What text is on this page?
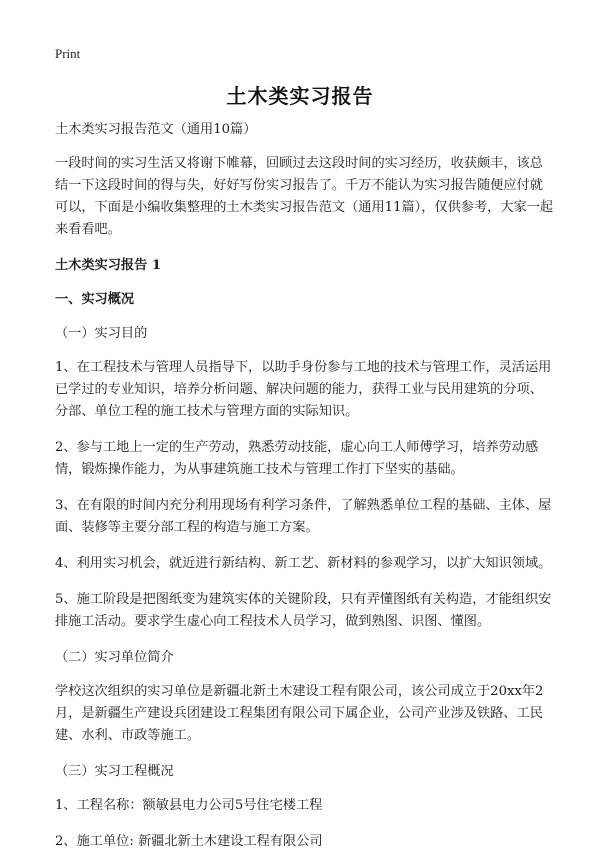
Print
土木类实习报告

土木类实习报告范文（通用10篇）

一段时间的实习生活又将谢下帷幕，回顾过去这段时间的实习经历，收获颇丰，该总结一下这段时间的得与失，好好写份实习报告了。千万不能认为实习报告随便应付就可以，下面是小编收集整理的土木类实习报告范文（通用11篇），仅供参考，大家一起来看看吧。

土木类实习报告 1

一、实习概况

（一）实习目的

1、在工程技术与管理人员指导下，以助手身份参与工地的技术与管理工作，灵活运用已学过的专业知识，培养分析问题、解决问题的能力，获得工业与民用建筑的分项、分部、单位工程的施工技术与管理方面的实际知识。

2、参与工地上一定的生产劳动，熟悉劳动技能，虚心向工人师傅学习，培养劳动感情，锻炼操作能力，为从事建筑施工技术与管理工作打下坚实的基础。

3、在有限的时间内充分利用现场有利学习条件，了解熟悉单位工程的基础、主体、屋面、装修等主要分部工程的构造与施工方案。

4、利用实习机会，就近进行新结构、新工艺、新材料的参观学习，以扩大知识领域。

5、施工阶段是把图纸变为建筑实体的关键阶段，只有弄懂图纸有关构造，才能组织安排施工活动。要求学生虚心向工程技术人员学习，做到熟图、识图、懂图。

（二）实习单位简介

学校这次组织的实习单位是新疆北新土木建设工程有限公司，该公司成立于20xx年2月，是新疆生产建设兵团建设工程集团有限公司下属企业，公司产业涉及铁路、工民建、水利、市政等施工。

（三）实习工程概况

1、工程名称：额敏县电力公司5号住宅楼工程

2、施工单位: 新疆北新土木建设工程有限公司
